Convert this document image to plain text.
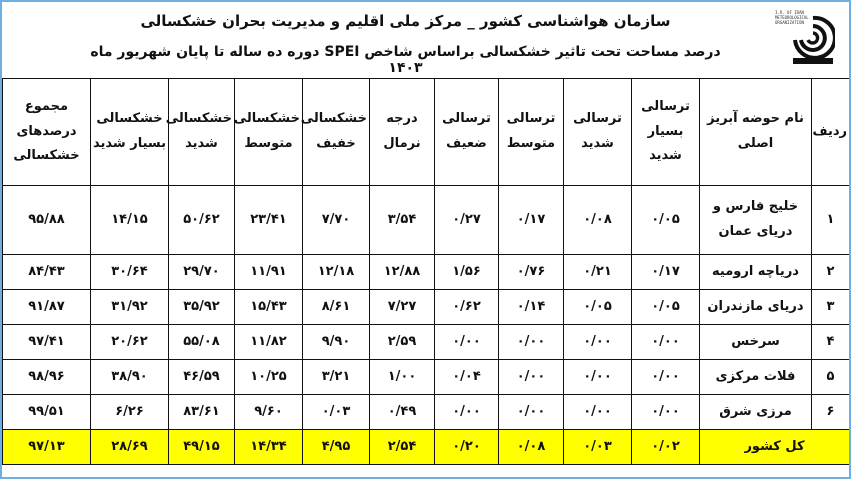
سازمان هواشناسی کشور _ مرکز ملی اقلیم و مدیریت بحران خشکسالی
درصد مساحت تحت تاثیر خشکسالی براساس شاخص SPEI دوره ده ساله تا پایان شهریور ماه ۱۴۰۳
I.R. OF IRAN METEOROLOGICAL ORGANIZATION
ردیف	نام حوضه آبریز اصلی	ترسالی بسیار شدید	ترسالی شدید	ترسالی متوسط	ترسالی ضعیف	درجه نرمال	خشکسالی خفیف	خشکسالی متوسط	خشکسالی شدید	خشکسالی بسیار شدید	مجموع درصدهای خشکسالی
۱	خلیج فارس و دریای عمان	۰/۰۵	۰/۰۸	۰/۱۷	۰/۲۷	۳/۵۴	۷/۷۰	۲۳/۴۱	۵۰/۶۲	۱۴/۱۵	۹۵/۸۸
۲	دریاچه ارومیه	۰/۱۷	۰/۲۱	۰/۷۶	۱/۵۶	۱۲/۸۸	۱۲/۱۸	۱۱/۹۱	۲۹/۷۰	۳۰/۶۴	۸۴/۴۳
۳	دریای مازندران	۰/۰۵	۰/۰۵	۰/۱۴	۰/۶۲	۷/۲۷	۸/۶۱	۱۵/۴۳	۳۵/۹۲	۳۱/۹۲	۹۱/۸۷
۴	سرخس	۰/۰۰	۰/۰۰	۰/۰۰	۰/۰۰	۲/۵۹	۹/۹۰	۱۱/۸۲	۵۵/۰۸	۲۰/۶۲	۹۷/۴۱
۵	فلات مرکزی	۰/۰۰	۰/۰۰	۰/۰۰	۰/۰۴	۱/۰۰	۳/۲۱	۱۰/۲۵	۴۶/۵۹	۳۸/۹۰	۹۸/۹۶
۶	مرزی شرق	۰/۰۰	۰/۰۰	۰/۰۰	۰/۰۰	۰/۴۹	۰/۰۳	۹/۶۰	۸۳/۶۱	۶/۲۶	۹۹/۵۱
کل کشور		۰/۰۲	۰/۰۳	۰/۰۸	۰/۲۰	۲/۵۴	۴/۹۵	۱۴/۳۴	۴۹/۱۵	۲۸/۶۹	۹۷/۱۳
